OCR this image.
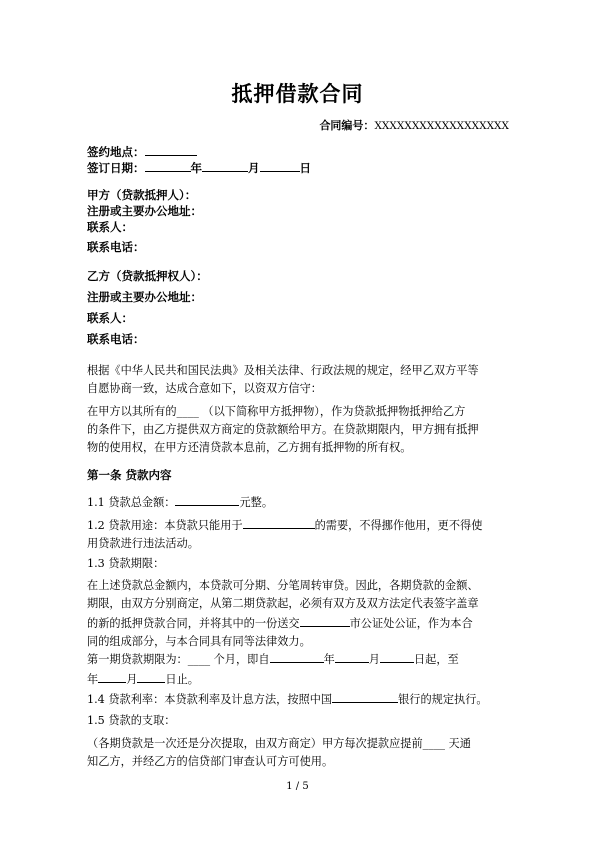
抵押借款合同
合同编号：XXXXXXXXXXXXXXXXXX
签约地点：
签订日期：	年	月	日
甲方（贷款抵押人）：
注册或主要办公地址：
联系人：
联系电话：
乙方（贷款抵押权人）：
注册或主要办公地址：
联系人：
联系电话：
根据《中华人民共和国民法典》及相关法律、行政法规的规定，经甲乙双方平等
自愿协商一致，达成合意如下，以资双方信守：
在甲方以其所有的____ （以下简称甲方抵押物），作为贷款抵押物抵押给乙方
的条件下，由乙方提供双方商定的贷款额给甲方。在贷款期限内，甲方拥有抵押
物的使用权，在甲方还清贷款本息前，乙方拥有抵押物的所有权。
第一条 贷款内容
1.1 贷款总金额：	元整。
1.2 贷款用途：本贷款只能用于	的需要，不得挪作他用，更不得使
用贷款进行违法活动。
1.3 贷款期限：
在上述贷款总金额内，本贷款可分期、分笔周转审贷。因此，各期贷款的金额、
期限，由双方分别商定，从第二期贷款起，必须有双方及双方法定代表签字盖章
的新的抵押贷款合同，并将其中的一份送交	市公证处公证，作为本合
同的组成部分，与本合同具有同等法律效力。
第一期贷款期限为：____ 个月，即自	年	月	日起，至
年	月	日止。
1.4 贷款利率：本贷款利率及计息方法，按照中国	银行的规定执行。
1.5 贷款的支取：
（各期贷款是一次还是分次提取，由双方商定）甲方每次提款应提前____ 天通
知乙方，并经乙方的信贷部门审查认可方可使用。
1 / 5
